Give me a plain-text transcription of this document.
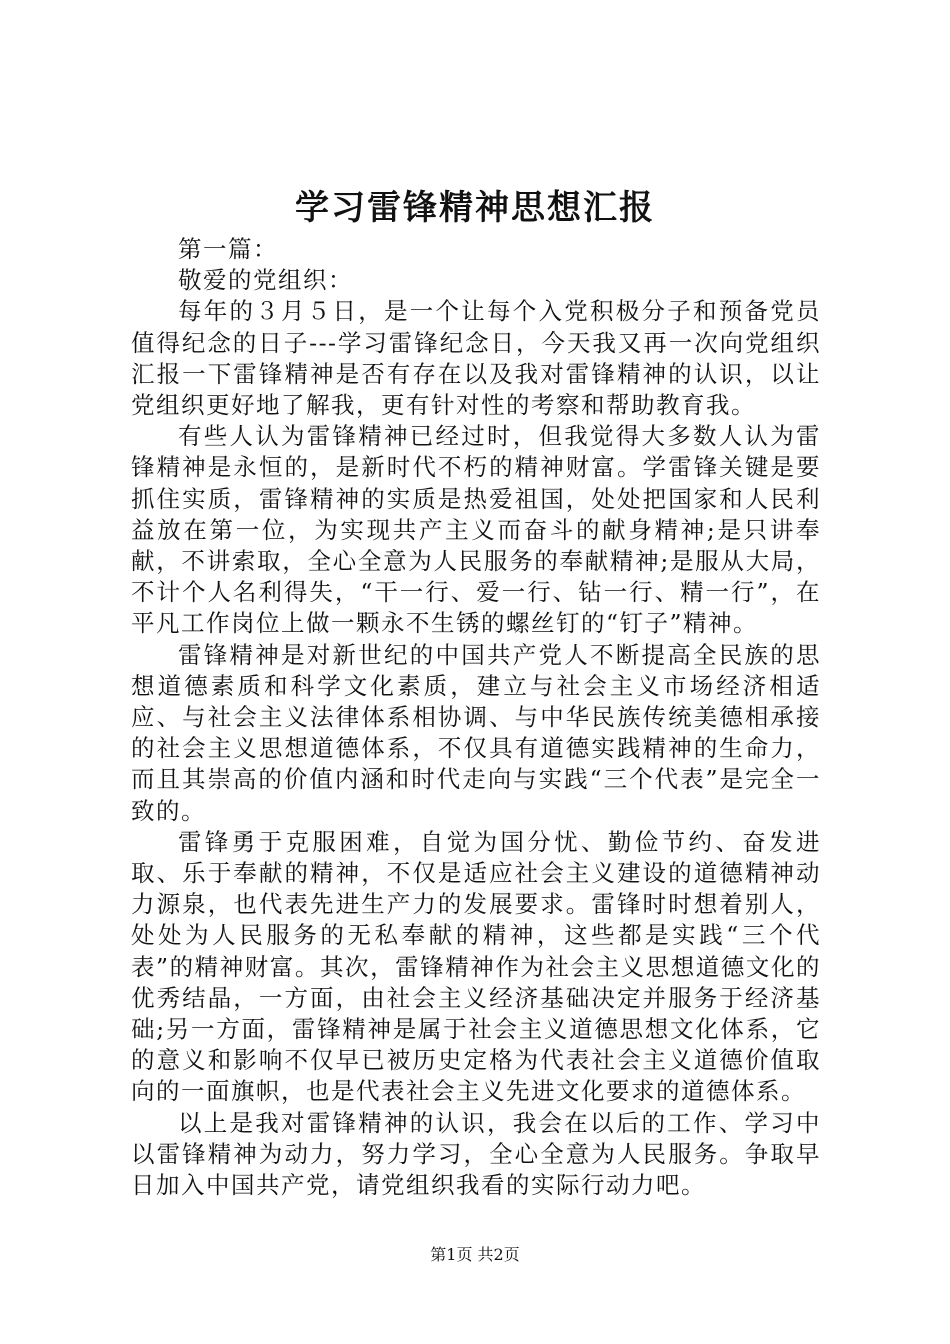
学习雷锋精神思想汇报

第一篇：

敬爱的党组织：

每年的３月５日，是一个让每个入党积极分子和预备党员值得纪念的日子---学习雷锋纪念日，今天我又再一次向党组织汇报一下雷锋精神是否有存在以及我对雷锋精神的认识，以让党组织更好地了解我，更有针对性的考察和帮助教育我。

有些人认为雷锋精神已经过时，但我觉得大多数人认为雷锋精神是永恒的，是新时代不朽的精神财富。学雷锋关键是要抓住实质，雷锋精神的实质是热爱祖国，处处把国家和人民利益放在第一位，为实现共产主义而奋斗的献身精神;是只讲奉献，不讲索取，全心全意为人民服务的奉献精神;是服从大局，不计个人名利得失，“干一行、爱一行、钻一行、精一行”，在平凡工作岗位上做一颗永不生锈的螺丝钉的“钉子”精神。

雷锋精神是对新世纪的中国共产党人不断提高全民族的思想道德素质和科学文化素质，建立与社会主义市场经济相适应、与社会主义法律体系相协调、与中华民族传统美德相承接的社会主义思想道德体系，不仅具有道德实践精神的生命力，而且其崇高的价值内涵和时代走向与实践“三个代表”是完全一致的。

雷锋勇于克服困难，自觉为国分忧、勤俭节约、奋发进取、乐于奉献的精神，不仅是适应社会主义建设的道德精神动力源泉，也代表先进生产力的发展要求。雷锋时时想着别人，处处为人民服务的无私奉献的精神，这些都是实践“三个代表”的精神财富。其次，雷锋精神作为社会主义思想道德文化的优秀结晶，一方面，由社会主义经济基础决定并服务于经济基础;另一方面，雷锋精神是属于社会主义道德思想文化体系，它的意义和影响不仅早已被历史定格为代表社会主义道德价值取向的一面旗帜，也是代表社会主义先进文化要求的道德体系。

以上是我对雷锋精神的认识，我会在以后的工作、学习中以雷锋精神为动力，努力学习，全心全意为人民服务。争取早日加入中国共产党，请党组织我看的实际行动力吧。

第1页 共2页
